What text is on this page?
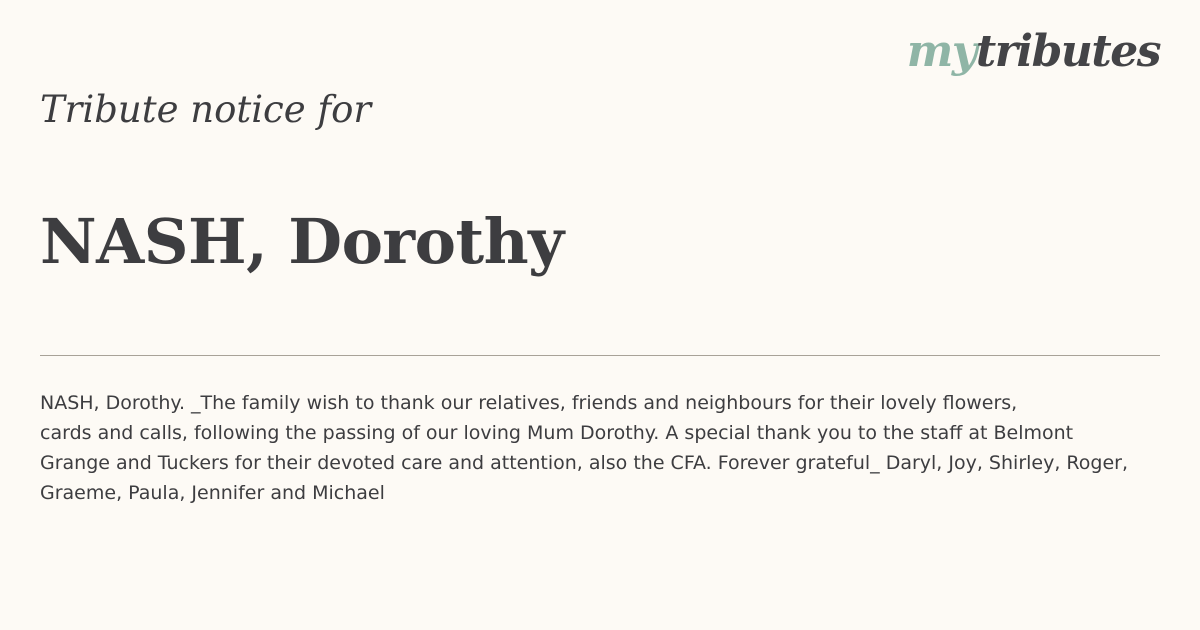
mytributes
Tribute notice for
NASH, Dorothy

NASH, Dorothy. _The family wish to thank our relatives, friends and neighbours for their lovely flowers,
cards and calls, following the passing of our loving Mum Dorothy. A special thank you to the staff at Belmont Grange and Tuckers for their devoted care and attention, also the CFA. Forever grateful_ Daryl, Joy, Shirley, Roger, Graeme, Paula, Jennifer and Michael
